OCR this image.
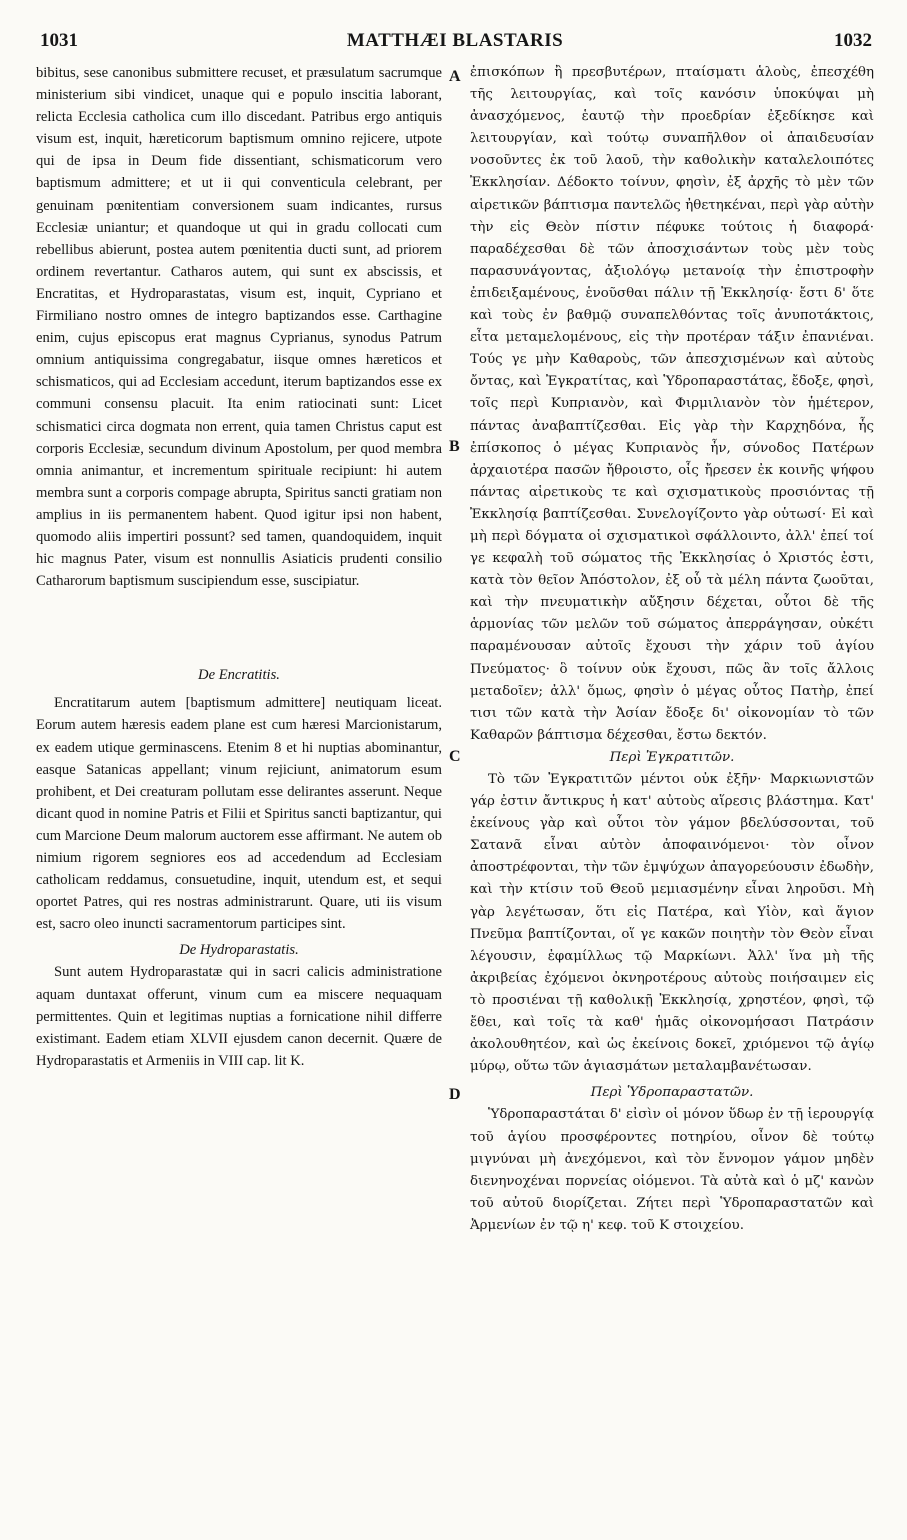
1031	MATTHÆI BLASTARIS	1032

bibitus, sese canonibus submittere recuset, et præsulatum sacrumque ministerium sibi vindicet, unaque qui e populo inscitia laborant, relicta Ecclesia catholica cum illo discedant. Patribus ergo antiquis visum est, inquit, hæreticorum baptismum omnino rejicere, utpote qui de ipsa in Deum fide dissentiant, schismaticorum vero baptismum admittere; et ut ii qui conventicula celebrant, per genuinam pœnitentiam conversionem suam indicantes, rursus Ecclesiæ uniantur; et quandoque ut qui in gradu collocati cum rebellibus abierunt, postea autem pœnitentia ducti sunt, ad priorem ordinem revertantur. Catharos autem, qui sunt ex abscissis, et Encratitas, et Hydroparastatas, visum est, inquit, Cypriano et Firmiliano nostro omnes de integro baptizandos esse. Carthagine enim, cujus episcopus erat magnus Cyprianus, synodus Patrum omnium antiquissima congregabatur, iisque omnes hæreticos et schismaticos, qui ad Ecclesiam accedunt, iterum baptizandos esse ex communi consensu placuit. Ita enim ratiocinati sunt: Licet schismatici circa dogmata non errent, quia tamen Christus caput est corporis Ecclesiæ, secundum divinum Apostolum, per quod membra omnia animantur, et incrementum spirituale recipiunt: hi autem membra sunt a corporis compage abrupta, Spiritus sancti gratiam non amplius in iis permanentem habent. Quod igitur ipsi non habent, quomodo aliis impertiri possunt? sed tamen, quandoquidem, inquit hic magnus Pater, visum est nonnullis Asiaticis prudenti consilio Catharorum baptismum suscipiendum esse, suscipiatur.

De Encratitis.

Encratitarum autem [baptismum admittere] neutiquam liceat. Eorum autem hæresis eadem plane est cum hæresi Marcionistarum, ex eadem utique germinascens. Etenim 8 et hi nuptias abominantur, easque Satanicas appellant; vinum rejiciunt, animatorum esum prohibent, et Dei creaturam pollutam esse delirantes asserunt. Neque dicant quod in nomine Patris et Filii et Spiritus sancti baptizantur, qui cum Marcione Deum malorum auctorem esse affirmant. Ne autem ob nimium rigorem segniores eos ad accedendum ad Ecclesiam catholicam reddamus, consuetudine, inquit, utendum est, et sequi oportet Patres, qui res nostras administrarunt. Quare, uti iis visum est, sacro oleo inuncti sacramentorum participes sint.

De Hydroparastatis.

Sunt autem Hydroparastatæ qui in sacri calicis administratione aquam duntaxat offerunt, vinum cum ea miscere nequaquam permittentes. Quin et legitimas nuptias a fornicatione nihil differre existimant. Eadem etiam XLVII ejusdem canon decernit. Quære de Hydroparastatis et Armeniis in VIII cap. lit K.

A
B
C
D

ἐπισκόπων ἢ πρεσβυτέρων, πταίσματι ἁλοὺς, ἐπεσχέθη τῆς λειτουργίας, καὶ τοῖς κανόσιν ὑποκύψαι μὴ ἀνασχόμενος, ἑαυτῷ τὴν προεδρίαν ἐξεδίκησε καὶ λειτουργίαν, καὶ τούτῳ συναπῆλθον οἱ ἀπαιδευσίαν νοσοῦντες ἐκ τοῦ λαοῦ, τὴν καθολικὴν καταλελοιπότες Ἐκκλησίαν. Δέδοκτο τοίνυν, φησὶν, ἐξ ἀρχῆς τὸ μὲν τῶν αἱρετικῶν βάπτισμα παντελῶς ἠθετηκέναι, περὶ γὰρ αὐτὴν τὴν εἰς Θεὸν πίστιν πέφυκε τούτοις ἡ διαφορά· παραδέχεσθαι δὲ τῶν ἀποσχισάντων τοὺς μὲν τοὺς παρασυνάγοντας, ἀξιολόγῳ μετανοίᾳ τὴν ἐπιστροφὴν ἐπιδειξαμένους, ἑνοῦσθαι πάλιν τῇ Ἐκκλησίᾳ· ἔστι δ' ὅτε καὶ τοὺς ἐν βαθμῷ συναπελθόντας τοῖς ἀνυποτάκτοις, εἶτα μεταμελομένους, εἰς τὴν προτέραν τάξιν ἐπανιέναι. Τούς γε μὴν Καθαροὺς, τῶν ἀπεσχισμένων καὶ αὐτοὺς ὄντας, καὶ Ἐγκρατίτας, καὶ Ὑδροπαραστάτας, ἔδοξε, φησὶ, τοῖς περὶ Κυπριανὸν, καὶ Φιρμιλιανὸν τὸν ἡμέτερον, πάντας ἀναβαπτίζεσθαι. Εἰς γὰρ τὴν Καρχηδόνα, ἧς ἐπίσκοπος ὁ μέγας Κυπριανὸς ἦν, σύνοδος Πατέρων ἀρχαιοτέρα πασῶν ἤθροιστο, οἷς ἤρεσεν ἐκ κοινῆς ψήφου πάντας αἱρετικοὺς τε καὶ σχισματικοὺς προσιόντας τῇ Ἐκκλησίᾳ βαπτίζεσθαι. Συνελογίζοντο γὰρ οὑτωσί· Εἰ καὶ μὴ περὶ δόγματα οἱ σχισματικοὶ σφάλλοιντο, ἀλλ' ἐπεί τοί γε κεφαλὴ τοῦ σώματος τῆς Ἐκκλησίας ὁ Χριστός ἐστι, κατὰ τὸν θεῖον Ἀπόστολον, ἐξ οὗ τὰ μέλη πάντα ζωοῦται, καὶ τὴν πνευματικὴν αὔξησιν δέχεται, οὗτοι δὲ τῆς ἁρμονίας τῶν μελῶν τοῦ σώματος ἀπερράγησαν, οὐκέτι παραμένουσαν αὐτοῖς ἔχουσι τὴν χάριν τοῦ ἁγίου Πνεύματος· ὃ τοίνυν οὐκ ἔχουσι, πῶς ἂν τοῖς ἄλλοις μεταδοῖεν; ἀλλ' ὅμως, φησὶν ὁ μέγας οὗτος Πατὴρ, ἐπεί τισι τῶν κατὰ τὴν Ἀσίαν ἔδοξε δι' οἰκονομίαν τὸ τῶν Καθαρῶν βάπτισμα δέχεσθαι, ἔστω δεκτόν.

Περὶ Ἐγκρατιτῶν.

Τὸ τῶν Ἐγκρατιτῶν μέντοι οὐκ ἐξῆν· Μαρκιωνιστῶν γάρ ἐστιν ἄντικρυς ἡ κατ' αὐτοὺς αἵρεσις βλάστημα. Κατ' ἐκείνους γὰρ καὶ οὗτοι τὸν γάμον βδελύσσονται, τοῦ Σατανᾶ εἶναι αὐτὸν ἀποφαινόμενοι· τὸν οἶνον ἀποστρέφονται, τὴν τῶν ἐμψύχων ἀπαγορεύουσιν ἐδωδὴν, καὶ τὴν κτίσιν τοῦ Θεοῦ μεμιασμένην εἶναι ληροῦσι. Μὴ γὰρ λεγέτωσαν, ὅτι εἰς Πατέρα, καὶ Υἱὸν, καὶ ἅγιον Πνεῦμα βαπτίζονται, οἵ γε κακῶν ποιητὴν τὸν Θεὸν εἶναι λέγουσιν, ἐφαμίλλως τῷ Μαρκίωνι. Ἀλλ' ἵνα μὴ τῆς ἀκριβείας ἐχόμενοι ὀκνηροτέρους αὐτοὺς ποιήσαιμεν εἰς τὸ προσιέναι τῇ καθολικῇ Ἐκκλησίᾳ, χρηστέον, φησὶ, τῷ ἔθει, καὶ τοῖς τὰ καθ' ἡμᾶς οἰκονομήσασι Πατράσιν ἀκολουθητέον, καὶ ὡς ἐκείνοις δοκεῖ, χριόμενοι τῷ ἁγίῳ μύρῳ, οὕτω τῶν ἁγιασμάτων μεταλαμβανέτωσαν.

Περὶ Ὑδροπαραστατῶν.

Ὑδροπαραστάται δ' εἰσὶν οἱ μόνον ὕδωρ ἐν τῇ ἱερουργίᾳ τοῦ ἁγίου προσφέροντες ποτηρίου, οἶνον δὲ τούτῳ μιγνύναι μὴ ἀνεχόμενοι, καὶ τὸν ἔννομον γάμον μηδὲν διενηνοχέναι πορνείας οἰόμενοι. Τὰ αὐτὰ καὶ ὁ μζ' κανὼν τοῦ αὐτοῦ διορίζεται. Ζήτει περὶ Ὑδροπαραστατῶν καὶ Ἀρμενίων ἐν τῷ η' κεφ. τοῦ Κ στοιχείου.
